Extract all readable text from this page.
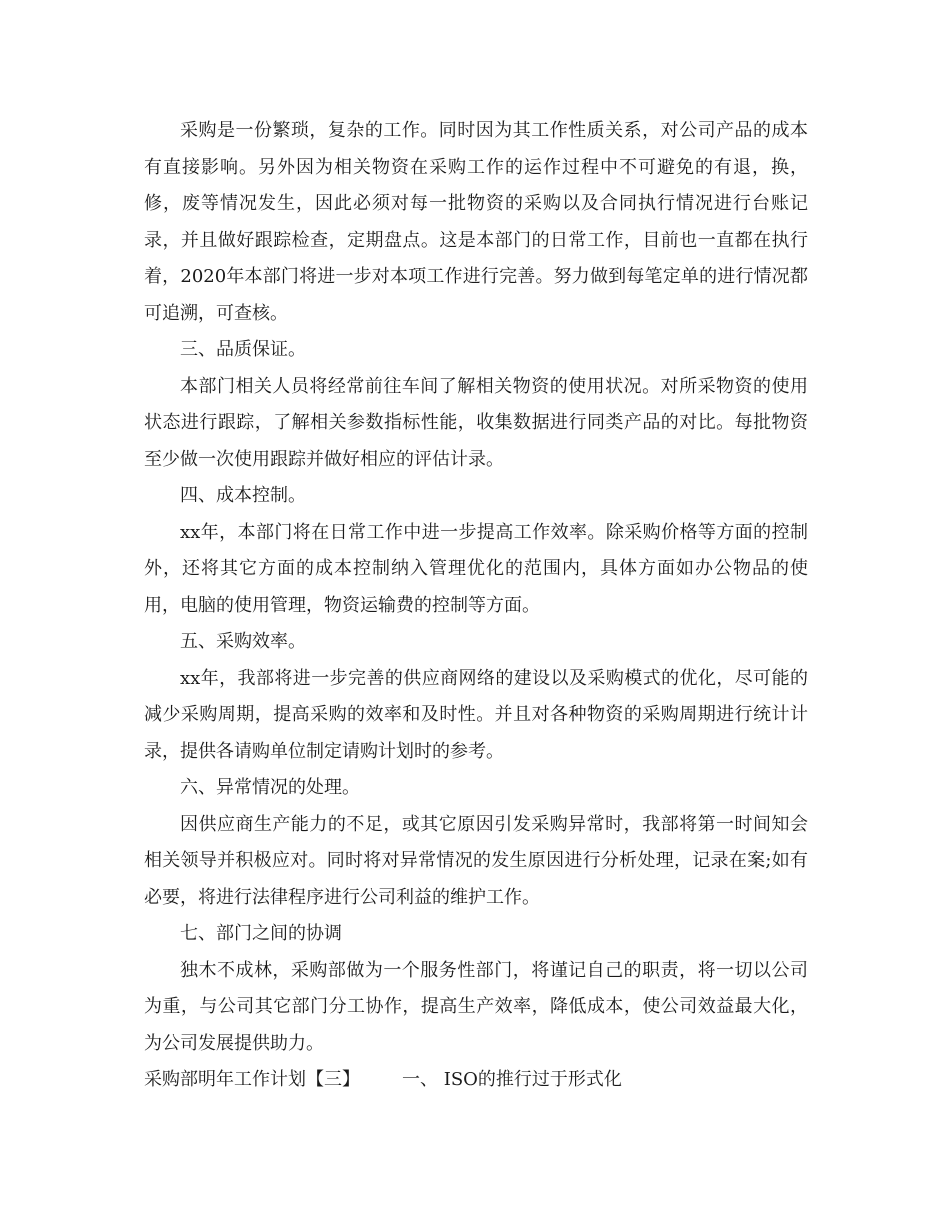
采购是一份繁琐，复杂的工作。同时因为其工作性质关系，对公司产品的成本有直接影响。另外因为相关物资在采购工作的运作过程中不可避免的有退，换，修，废等情况发生，因此必须对每一批物资的采购以及合同执行情况进行台账记录，并且做好跟踪检查，定期盘点。这是本部门的日常工作，目前也一直都在执行着，2020年本部门将进一步对本项工作进行完善。努力做到每笔定单的进行情况都可追溯，可查核。

三、品质保证。

本部门相关人员将经常前往车间了解相关物资的使用状况。对所采物资的使用状态进行跟踪，了解相关参数指标性能，收集数据进行同类产品的对比。每批物资至少做一次使用跟踪并做好相应的评估计录。

四、成本控制。

xx年，本部门将在日常工作中进一步提高工作效率。除采购价格等方面的控制外，还将其它方面的成本控制纳入管理优化的范围内，具体方面如办公物品的使用，电脑的使用管理，物资运输费的控制等方面。

五、采购效率。

xx年，我部将进一步完善的供应商网络的建设以及采购模式的优化，尽可能的减少采购周期，提高采购的效率和及时性。并且对各种物资的采购周期进行统计计录，提供各请购单位制定请购计划时的参考。

六、异常情况的处理。

因供应商生产能力的不足，或其它原因引发采购异常时，我部将第一时间知会相关领导并积极应对。同时将对异常情况的发生原因进行分析处理，记录在案;如有必要，将进行法律程序进行公司利益的维护工作。

七、部门之间的协调

独木不成林，采购部做为一个服务性部门，将谨记自己的职责，将一切以公司为重，与公司其它部门分工协作，提高生产效率，降低成本，使公司效益最大化，为公司发展提供助力。

采购部明年工作计划【三】 一、 ISO的推行过于形式化
